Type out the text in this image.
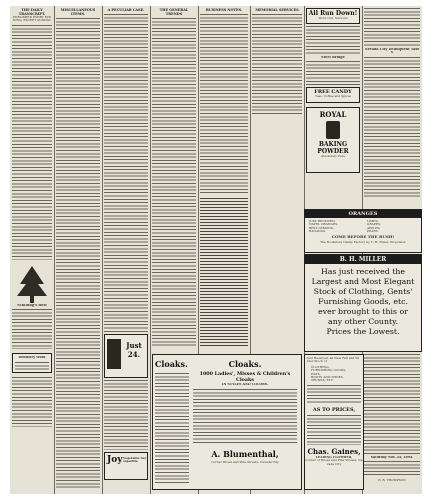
THE DAILY TRANSCRIPT.
PUBLISHED EVERY EVENING, EXCEPT SUNDAY.
Schilling's Best
Dentistry Work
MISCELLANEOUS ITEMS.
A PECULIAR CASE.
Just 24.
Joy Vegetable Sarsaparilla
THE GENERAL TRENDS
BUSINESS NOTES.	MEMORIAL SERVICES	All Run Down!
Worn Out, Nervous
Steel Bridge
FREE CANDY
Teas, Coffee and Spices
ROYAL
BAKING
POWDER
Absolutely Pure
Nevada City Delinquent Taxes
ORANGES
JUST RECEIVED,
NAVEL ORANGES,
BEST LEMONS,
BANANAS
LIMES,
GRAPES,
APPLES,
PEARS
COME BEFORE THE RUSH!
The Bookstore Candy Factory by C. H. Fuller, Proprietor
B. H. MILLER
Has just received the
Largest and Most Elegant
Stock of Clothing, Gents'
Furnishing Goods, etc.
ever brought to this or
any other County.
Prices the Lowest.
Just Received, all New Fall and Winter Stock of
CLOTHING,
FURNISHING GOODS,
HATS,
BOOTS AND SHOES,
TRUNKS, ETC.
AS TO PRICES,
Chas. Gaines,
LEADING CLOTHIER,
Corner of Broad and Pine Streets, Nevada City
Saturday Nov. 24, 1894.
E. B. THOMPSON
Cloaks.	Cloaks.
1000 Ladies', Misses & Children's Cloaks
IN STYLES AND COLORS.
A. Blumenthal,
Corner Broad and Pine Streets, Nevada City
